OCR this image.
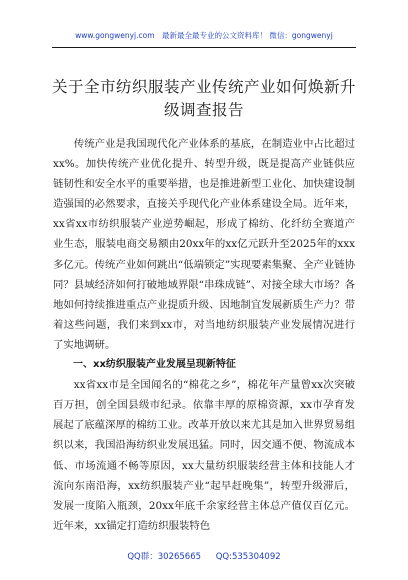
www.gongwenyj.com　最新最全最专业的公文资料库！ 微信：gongwenyj
关于全市纺织服装产业传统产业如何焕新升级调查报告

传统产业是我国现代化产业体系的基底，在制造业中占比超过xx%。加快传统产业优化提升、转型升级，既是提高产业链供应链韧性和安全水平的重要举措，也是推进新型工业化、加快建设制造强国的必然要求，直接关乎现代化产业体系建设全局。近年来，xx省xx市纺织服装产业逆势崛起，形成了棉纺、化纤纺全赛道产业生态，服装电商交易额由20xx年的xx亿元跃升至2025年的xxx多亿元。传统产业如何跳出“低端锁定”实现要素集聚、全产业链协同？县域经济如何打破地域界限“串珠成链”、对接全球大市场？各地如何持续推进重点产业提质升级、因地制宜发展新质生产力？带着这些问题，我们来到xx市，对当地纺织服装产业发展情况进行了实地调研。

一、xx纺织服装产业发展呈现新特征

xx省xx市是全国闻名的“棉花之乡”，棉花年产量曾xx次突破百万担，创全国县级市纪录。依靠丰厚的原棉资源，xx市孕育发展起了底蕴深厚的棉纺工业。改革开放以来尤其是加入世界贸易组织以来，我国沿海纺织业发展迅猛。同时，因交通不便、物流成本低、市场流通不畅等原因，xx大量纺织服装经营主体和技能人才流向东南沿海，xx纺织服装产业“起早赶晚集”，转型升级滞后，发展一度陷入瓶颈，20xx年底千余家经营主体总产值仅百亿元。近年来，xx锚定打造纺织服装特色

QQ群：30265665 QQ:535304092
